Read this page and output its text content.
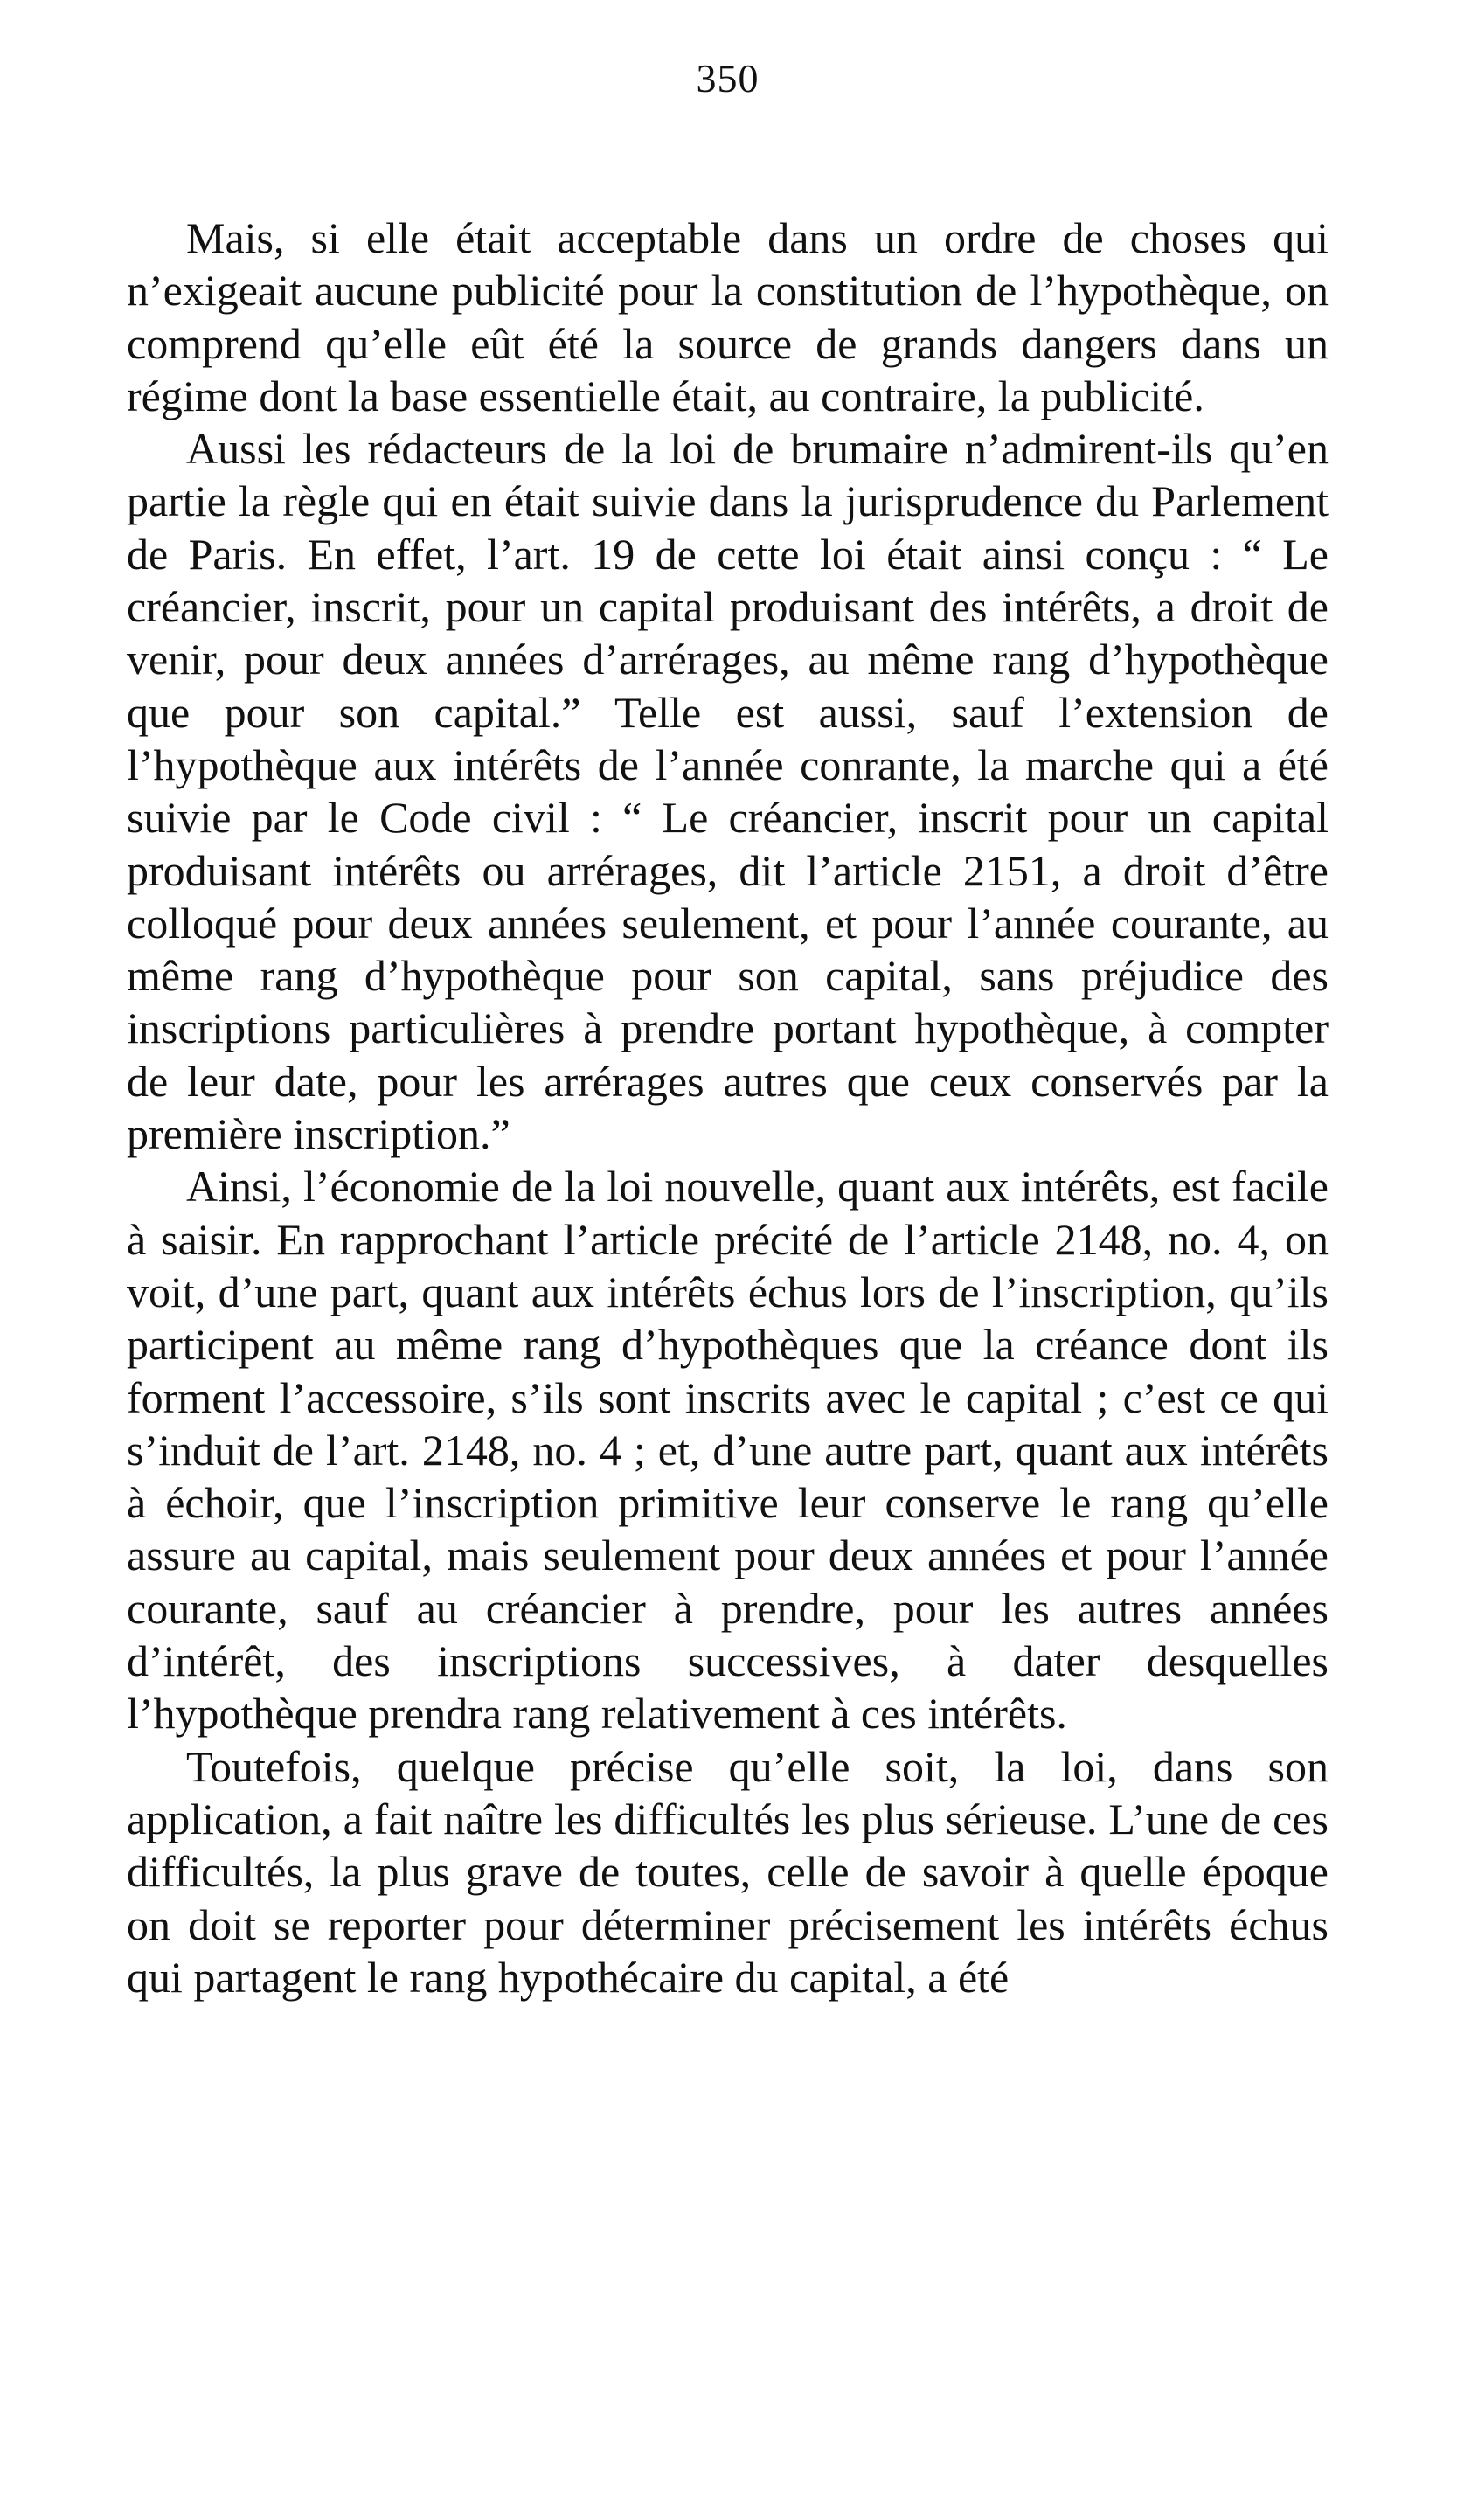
350

Mais, si elle était acceptable dans un ordre de choses qui n’exigeait aucune publicité pour la constitution de l’hypothèque, on comprend qu’elle eût été la source de grands dangers dans un régime dont la base essentielle était, au contraire, la publicité.

Aussi les rédacteurs de la loi de brumaire n’admirent-ils qu’en partie la règle qui en était suivie dans la jurisprudence du Parlement de Paris. En effet, l’art. 19 de cette loi était ainsi conçu : “ Le créancier, inscrit, pour un capital produisant des intérêts, a droit de venir, pour deux années d’arrérages, au même rang d’hypothèque que pour son capital.” Telle est aussi, sauf l’extension de l’hypothèque aux intérêts de l’année conrante, la marche qui a été suivie par le Code civil : “ Le créancier, inscrit pour un capital produisant intérêts ou arrérages, dit l’article 2151, a droit d’être colloqué pour deux années seulement, et pour l’année courante, au même rang d’hypothèque pour son capital, sans préjudice des inscriptions particulières à prendre portant hypothèque, à compter de leur date, pour les arrérages autres que ceux conservés par la première inscription.”

Ainsi, l’économie de la loi nouvelle, quant aux intérêts, est facile à saisir. En rapprochant l’article précité de l’article 2148, no. 4, on voit, d’une part, quant aux intérêts échus lors de l’inscription, qu’ils participent au même rang d’hypothèques que la créance dont ils forment l’accessoire, s’ils sont inscrits avec le capital ; c’est ce qui s’induit de l’art. 2148, no. 4 ; et, d’une autre part, quant aux intérêts à échoir, que l’inscription primitive leur conserve le rang qu’elle assure au capital, mais seulement pour deux années et pour l’année courante, sauf au créancier à prendre, pour les autres années d’intérêt, des inscriptions successives, à dater desquelles l’hypothèque prendra rang relativement à ces intérêts.

Toutefois, quelque précise qu’elle soit, la loi, dans son application, a fait naître les difficultés les plus sérieuse. L’une de ces difficultés, la plus grave de toutes, celle de savoir à quelle époque on doit se reporter pour déterminer précisement les intérêts échus qui partagent le rang hypothécaire du capital, a été
